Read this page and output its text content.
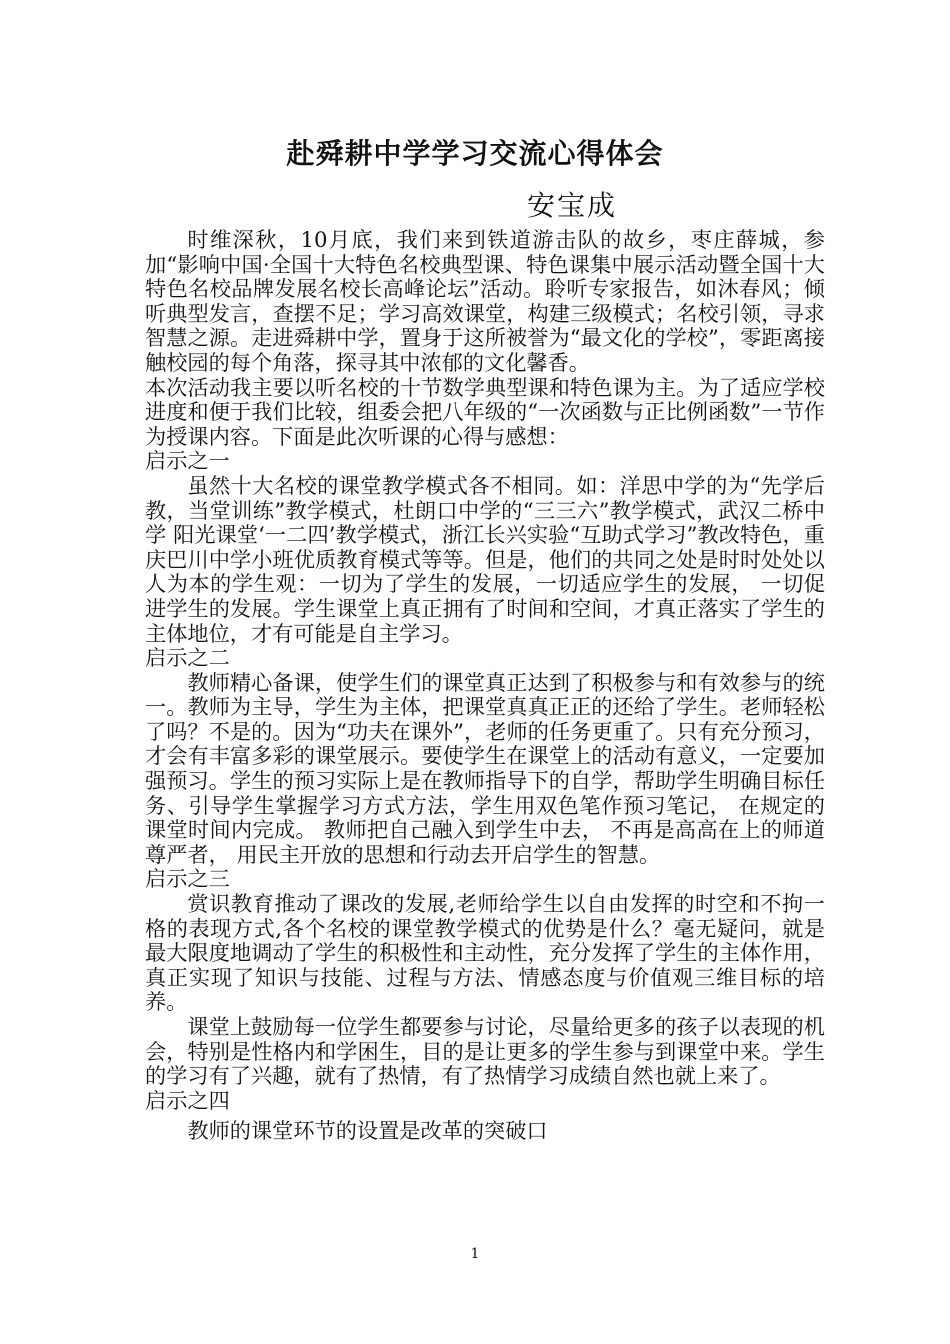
赴舜耕中学学习交流心得体会
安宝成

时维深秋，10月底，我们来到铁道游击队的故乡，枣庄薛城，参加“影响中国·全国十大特色名校典型课、特色课集中展示活动暨全国十大特色名校品牌发展名校长高峰论坛”活动。聆听专家报告，如沐春风；倾听典型发言，查摆不足；学习高效课堂，构建三级模式；名校引领，寻求智慧之源。走进舜耕中学，置身于这所被誉为“最文化的学校”，零距离接触校园的每个角落，探寻其中浓郁的文化馨香。

本次活动我主要以听名校的十节数学典型课和特色课为主。为了适应学校进度和便于我们比较，组委会把八年级的“一次函数与正比例函数”一节作为授课内容。下面是此次听课的心得与感想：

启示之一

虽然十大名校的课堂教学模式各不相同。如：洋思中学的为“先学后教，当堂训练”教学模式，杜朗口中学的“三三六”教学模式，武汉二桥中学 阳光课堂‘一二四’教学模式，浙江长兴实验“互助式学习”教改特色，重庆巴川中学小班优质教育模式等等。但是，他们的共同之处是时时处处以人为本的学生观：一切为了学生的发展，一切适应学生的发展， 一切促进学生的发展。学生课堂上真正拥有了时间和空间，才真正落实了学生的主体地位，才有可能是自主学习。

启示之二

教师精心备课，使学生们的课堂真正达到了积极参与和有效参与的统一。教师为主导，学生为主体，把课堂真真正正的还给了学生。老师轻松了吗？不是的。因为“功夫在课外”，老师的任务更重了。只有充分预习，才会有丰富多彩的课堂展示。要使学生在课堂上的活动有意义，一定要加强预习。学生的预习实际上是在教师指导下的自学，帮助学生明确目标任务、引导学生掌握学习方式方法，学生用双色笔作预习笔记， 在规定的课堂时间内完成。 教师把自己融入到学生中去， 不再是高高在上的师道尊严者， 用民主开放的思想和行动去开启学生的智慧。

启示之三

赏识教育推动了课改的发展,老师给学生以自由发挥的时空和不拘一格的表现方式,各个名校的课堂教学模式的优势是什么？毫无疑问，就是最大限度地调动了学生的积极性和主动性，充分发挥了学生的主体作用，真正实现了知识与技能、过程与方法、情感态度与价值观三维目标的培养。

课堂上鼓励每一位学生都要参与讨论，尽量给更多的孩子以表现的机会，特别是性格内和学困生，目的是让更多的学生参与到课堂中来。学生的学习有了兴趣，就有了热情，有了热情学习成绩自然也就上来了。

启示之四

教师的课堂环节的设置是改革的突破口

1
